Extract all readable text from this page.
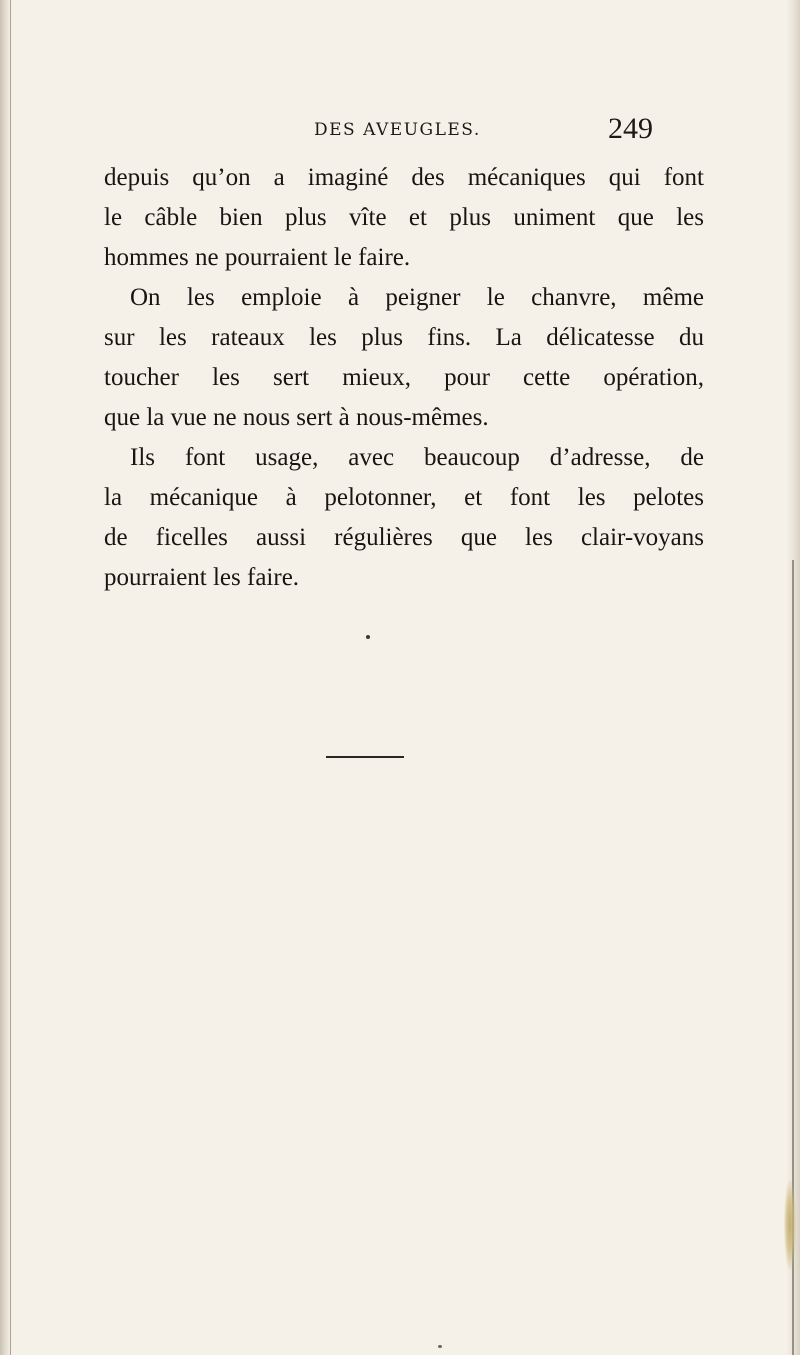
DES AVEUGLES.	249
depuis qu’on a imaginé des mécaniques qui font
le câble bien plus vîte et plus uniment que les
hommes ne pourraient le faire.
On les emploie à peigner le chanvre, même
sur les rateaux les plus fins. La délicatesse du
toucher les sert mieux, pour cette opération,
que la vue ne nous sert à nous-mêmes.
Ils font usage, avec beaucoup d’adresse, de
la mécanique à pelotonner, et font les pelotes
de ficelles aussi régulières que les clair-voyans
pourraient les faire.
